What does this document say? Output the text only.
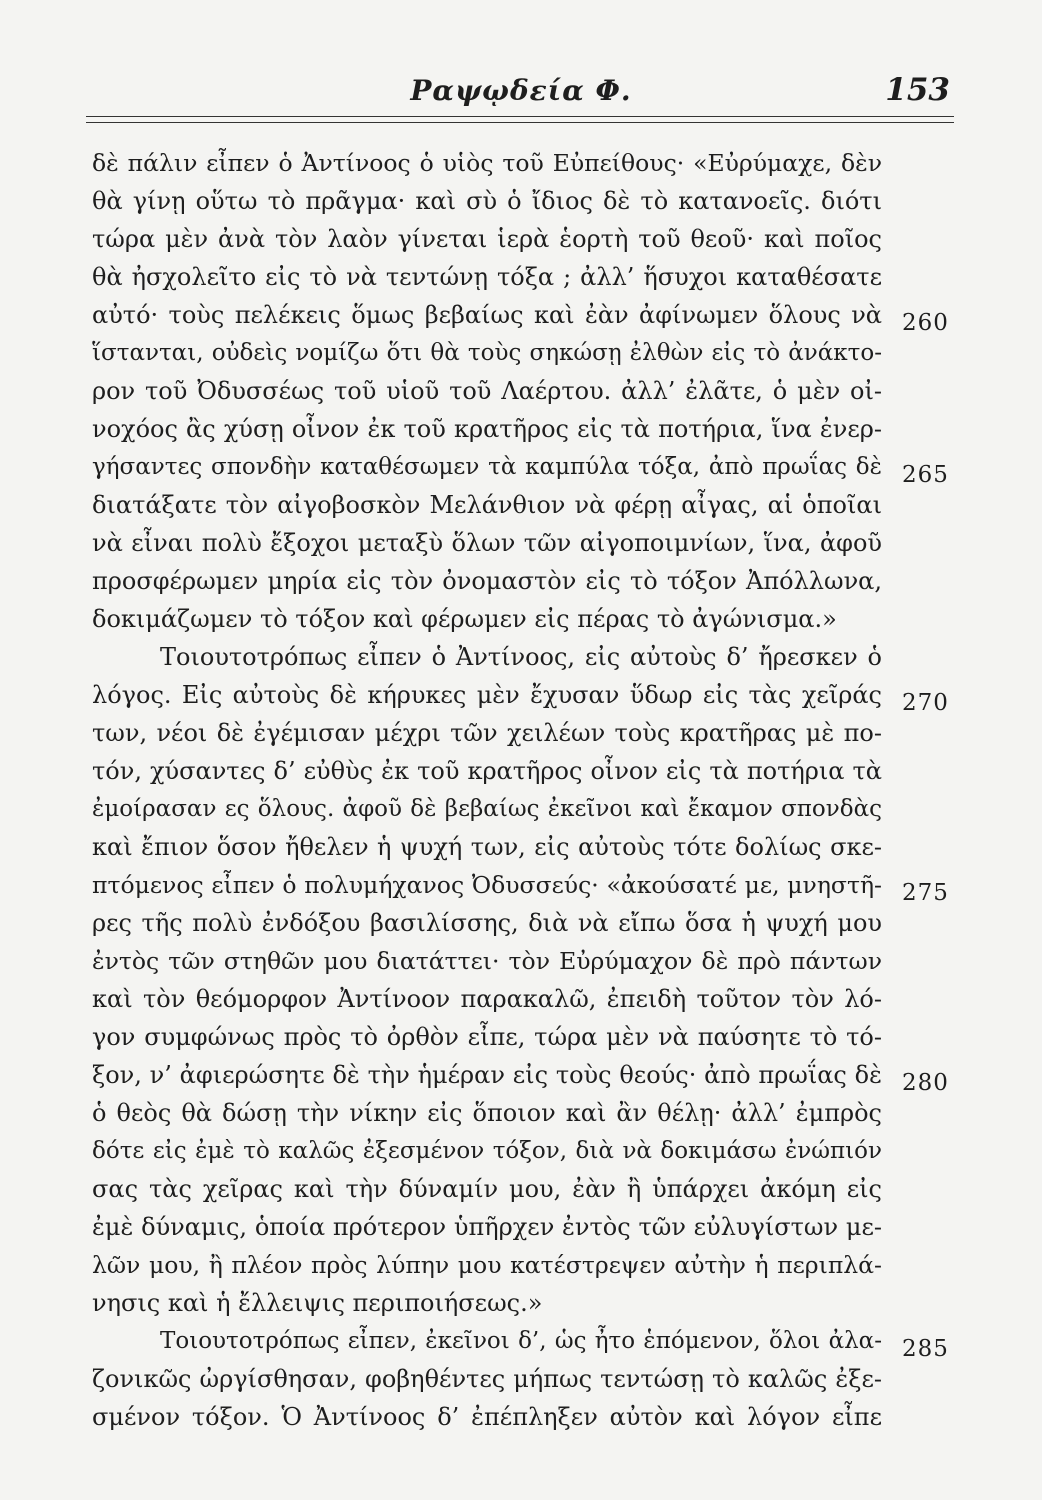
Ραψῳδεία Φ.	153
δὲ πάλιν εἶπεν ὁ Ἀντίνοος ὁ υἱὸς τοῦ Εὐπείθους· «Εὐρύμαχε, δὲν
θὰ γίνῃ οὕτω τὸ πρᾶγμα· καὶ σὺ ὁ ἴδιος δὲ τὸ κατανοεῖς. διότι
τώρα μὲν ἀνὰ τὸν λαὸν γίνεται ἱερὰ ἑορτὴ τοῦ θεοῦ· καὶ ποῖος
θὰ ἠσχολεῖτο εἰς τὸ νὰ τεντώνῃ τόξα ; ἀλλ’ ἥσυχοι καταθέσατε
αὐτό· τοὺς πελέκεις ὅμως βεβαίως καὶ ἐὰν ἀφίνωμεν ὅλους νὰ
ἵστανται, οὐδεὶς νομίζω ὅτι θὰ τοὺς σηκώσῃ ἐλθὼν εἰς τὸ ἀνάκτο-
ρον τοῦ Ὀδυσσέως τοῦ υἱοῦ τοῦ Λαέρτου. ἀλλ’ ἐλᾶτε, ὁ μὲν οἰ-
νοχόος ἂς χύσῃ οἶνον ἐκ τοῦ κρατῆρος εἰς τὰ ποτήρια, ἵνα ἐνερ-
γήσαντες σπονδὴν καταθέσωμεν τὰ καμπύλα τόξα, ἀπὸ πρωΐας δὲ
διατάξατε τὸν αἰγοβοσκὸν Μελάνθιον νὰ φέρῃ αἶγας, αἱ ὁποῖαι
νὰ εἶναι πολὺ ἔξοχοι μεταξὺ ὅλων τῶν αἰγοποιμνίων, ἵνα, ἀφοῦ
προσφέρωμεν μηρία εἰς τὸν ὀνομαστὸν εἰς τὸ τόξον Ἀπόλλωνα,
δοκιμάζωμεν τὸ τόξον καὶ φέρωμεν εἰς πέρας τὸ ἀγώνισμα.»
Τοιουτοτρόπως εἶπεν ὁ Ἀντίνοος, εἰς αὐτοὺς δ’ ἤρεσκεν ὁ
λόγος. Εἰς αὐτοὺς δὲ κήρυκες μὲν ἔχυσαν ὕδωρ εἰς τὰς χεῖράς
των, νέοι δὲ ἐγέμισαν μέχρι τῶν χειλέων τοὺς κρατῆρας μὲ πο-
τόν, χύσαντες δ’ εὐθὺς ἐκ τοῦ κρατῆρος οἶνον εἰς τὰ ποτήρια τὰ
ἐμοίρασαν ες ὅλους. ἀφοῦ δὲ βεβαίως ἐκεῖνοι καὶ ἔκαμον σπονδὰς
καὶ ἔπιον ὅσον ἤθελεν ἡ ψυχή των, εἰς αὐτοὺς τότε δολίως σκε-
πτόμενος εἶπεν ὁ πολυμήχανος Ὀδυσσεύς· «ἀκούσατέ με, μνηστῆ-
ρες τῆς πολὺ ἐνδόξου βασιλίσσης, διὰ νὰ εἴπω ὅσα ἡ ψυχή μου
ἐντὸς τῶν στηθῶν μου διατάττει· τὸν Εὐρύμαχον δὲ πρὸ πάντων
καὶ τὸν θεόμορφον Ἀντίνοον παρακαλῶ, ἐπειδὴ τοῦτον τὸν λό-
γον συμφώνως πρὸς τὸ ὀρθὸν εἶπε, τώρα μὲν νὰ παύσητε τὸ τό-
ξον, ν’ ἀφιερώσητε δὲ τὴν ἡμέραν εἰς τοὺς θεούς· ἀπὸ πρωΐας δὲ
ὁ θεὸς θὰ δώσῃ τὴν νίκην εἰς ὅποιον καὶ ἂν θέλῃ· ἀλλ’ ἐμπρὸς
δότε εἰς ἐμὲ τὸ καλῶς ἐξεσμένον τόξον, διὰ νὰ δοκιμάσω ἐνώπιόν
σας τὰς χεῖρας καὶ τὴν δύναμίν μου, ἐὰν ἢ ὑπάρχει ἀκόμη εἰς
ἐμὲ δύναμις, ὁποία πρότερον ὑπῆρχεν ἐντὸς τῶν εὐλυγίστων με-
λῶν μου, ἢ πλέον πρὸς λύπην μου κατέστρεψεν αὐτὴν ἡ περιπλά-
νησις καὶ ἡ ἔλλειψις περιποιήσεως.»
Τοιουτοτρόπως εἶπεν, ἐκεῖνοι δ’, ὡς ἦτο ἑπόμενον, ὅλοι ἀλα-
ζονικῶς ὠργίσθησαν, φοβηθέντες μήπως τεντώσῃ τὸ καλῶς ἐξε-
σμένον τόξον. Ὁ Ἀντίνοος δ’ ἐπέπληξεν αὐτὸν καὶ λόγον εἶπε
260
265
270
275
280
285
